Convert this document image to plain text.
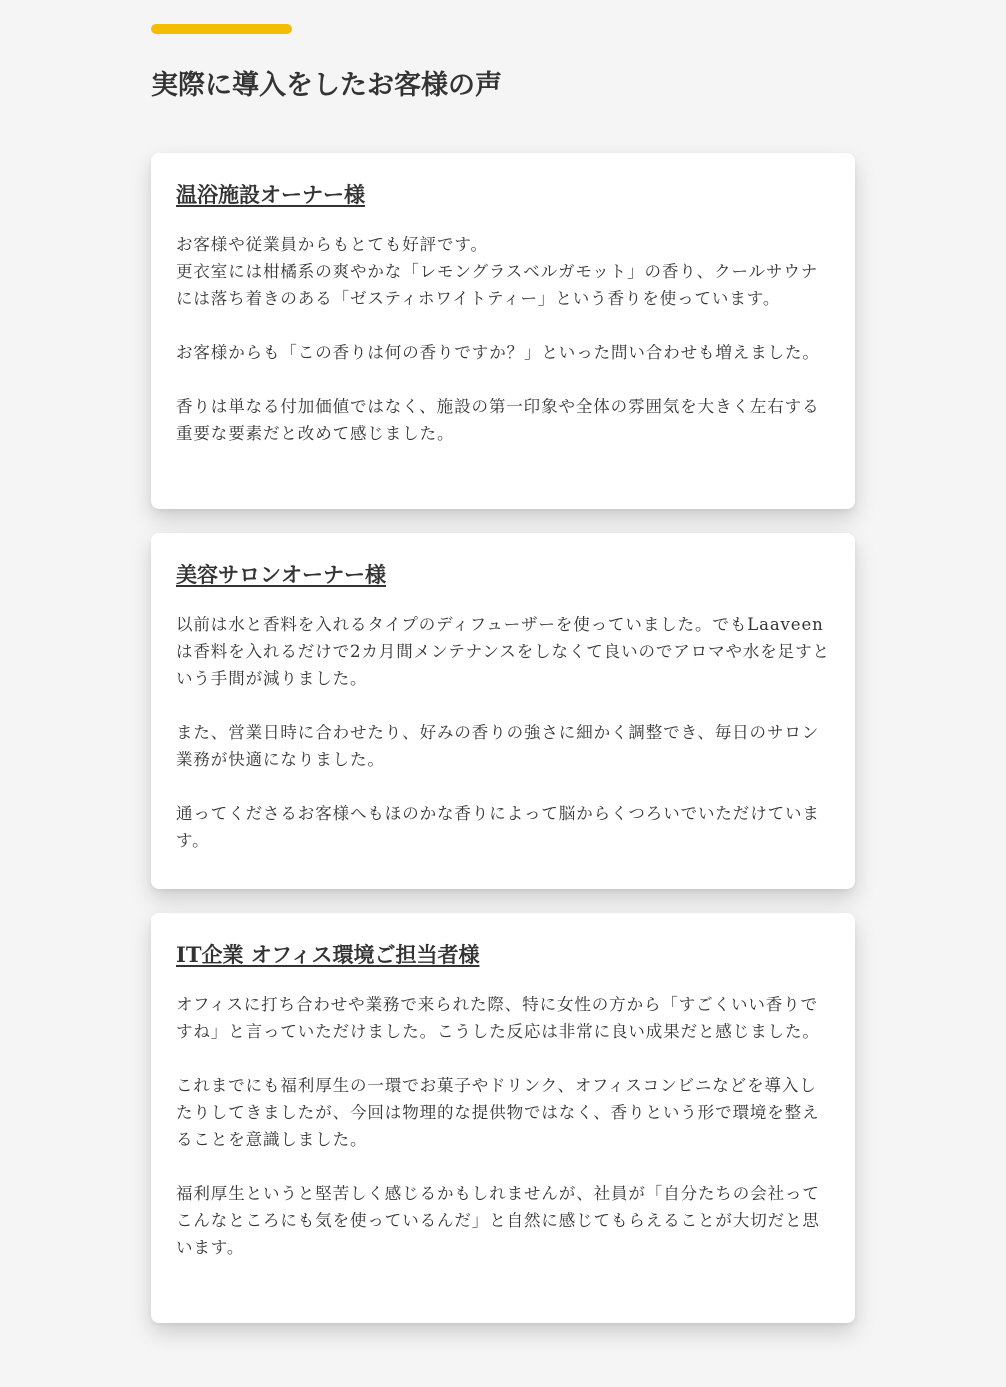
実際に導入をしたお客様の声
温浴施設オーナー様

お客様や従業員からもとても好評です。
更衣室には柑橘系の爽やかな「レモングラスベルガモット」の香り、クールサウナには落ち着きのある「ゼスティホワイトティー」という香りを使っています。

お客様からも「この香りは何の香りですか？」といった問い合わせも増えました。

香りは単なる付加価値ではなく、施設の第一印象や全体の雰囲気を大きく左右する重要な要素だと改めて感じました。

美容サロンオーナー様

以前は水と香料を入れるタイプのディフューザーを使っていました。でもLaaveenは香料を入れるだけで2カ月間メンテナンスをしなくて良いのでアロマや水を足すという手間が減りました。

また、営業日時に合わせたり、好みの香りの強さに細かく調整でき、毎日のサロン業務が快適になりました。

通ってくださるお客様へもほのかな香りによって脳からくつろいでいただけています。

IT企業 オフィス環境ご担当者様

オフィスに打ち合わせや業務で来られた際、特に女性の方から「すごくいい香りですね」と言っていただけました。こうした反応は非常に良い成果だと感じました。

これまでにも福利厚生の一環でお菓子やドリンク、オフィスコンビニなどを導入したりしてきましたが、今回は物理的な提供物ではなく、香りという形で環境を整えることを意識しました。

福利厚生というと堅苦しく感じるかもしれませんが、社員が「自分たちの会社ってこんなところにも気を使っているんだ」と自然に感じてもらえることが大切だと思います。
